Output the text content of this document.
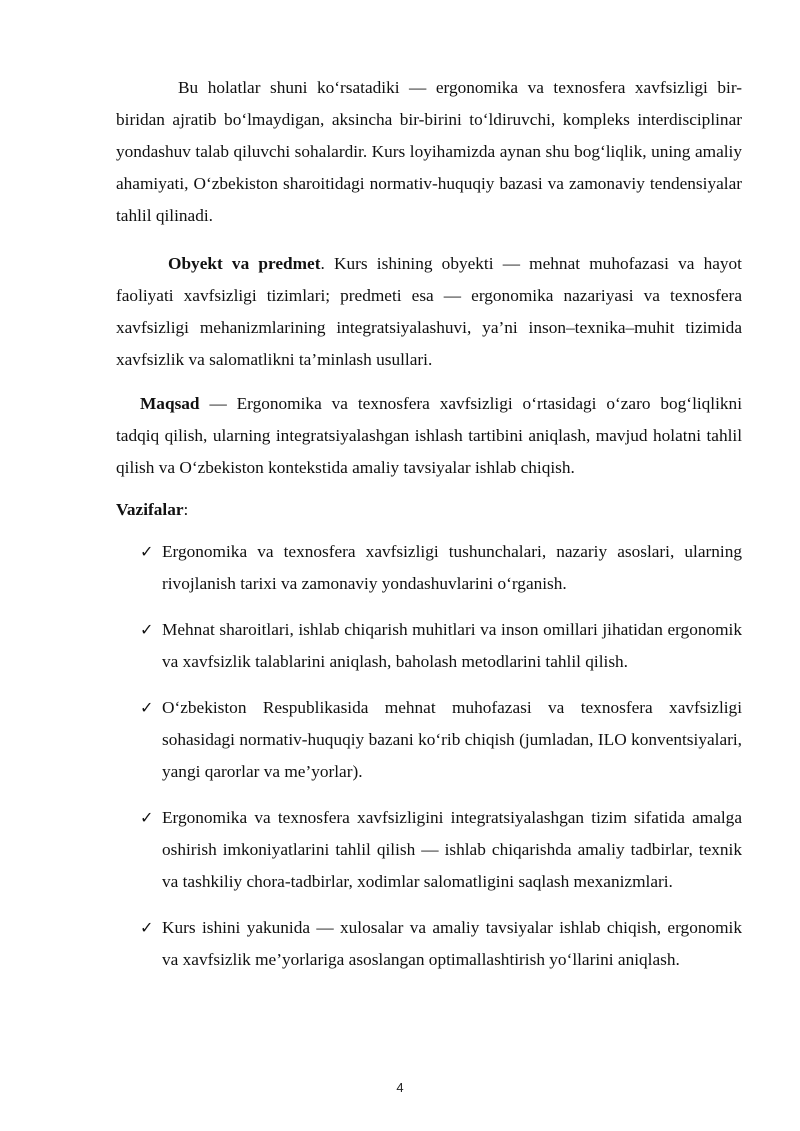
Bu holatlar shuni ko‘rsatadiki — ergonomika va texnosfera xavfsizligi bir-biridan ajratib bo‘lmaydigan, aksincha bir-birini to‘ldiruvchi, kompleks interdisciplinar yondashuv talab qiluvchi sohalardir. Kurs loyihamizda aynan shu bog‘liqlik, uning amaliy ahamiyati, O‘zbekiston sharoitidagi normativ-huquqiy bazasi va zamonaviy tendensiyalar tahlil qilinadi.

Obyekt va predmet. Kurs ishining obyekti — mehnat muhofazasi va hayot faoliyati xavfsizligi tizimlari; predmeti esa — ergonomika nazariyasi va texnosfera xavfsizligi mehanizmlarining integratsiyalashuvi, ya’ni inson–texnika–muhit tizimida xavfsizlik va salomatlikni ta’minlash usullari.

Maqsad — Ergonomika va texnosfera xavfsizligi o‘rtasidagi o‘zaro bog‘liqlikni tadqiq qilish, ularning integratsiyalashgan ishlash tartibini aniqlash, mavjud holatni tahlil qilish va O‘zbekiston kontekstida amaliy tavsiyalar ishlab chiqish.

Vazifalar:

✓ Ergonomika va texnosfera xavfsizligi tushunchalari, nazariy asoslari, ularning rivojlanish tarixi va zamonaviy yondashuvlarini o‘rganish.
✓ Mehnat sharoitlari, ishlab chiqarish muhitlari va inson omillari jihatidan ergonomik va xavfsizlik talablarini aniqlash, baholash metodlarini tahlil qilish.
✓ O‘zbekiston Respublikasida mehnat muhofazasi va texnosfera xavfsizligi sohasidagi normativ-huquqiy bazani ko‘rib chiqish (jumladan, ILO konventsiyalari, yangi qarorlar va me’yorlar).
✓ Ergonomika va texnosfera xavfsizligini integratsiyalashgan tizim sifatida amalga oshirish imkoniyatlarini tahlil qilish — ishlab chiqarishda amaliy tadbirlar, texnik va tashkiliy chora-tadbirlar, xodimlar salomatligini saqlash mexanizmlari.
✓ Kurs ishini yakunida — xulosalar va amaliy tavsiyalar ishlab chiqish, ergonomik va xavfsizlik me’yorlariga asoslangan optimallashtirish yo‘llarini aniqlash.
4
